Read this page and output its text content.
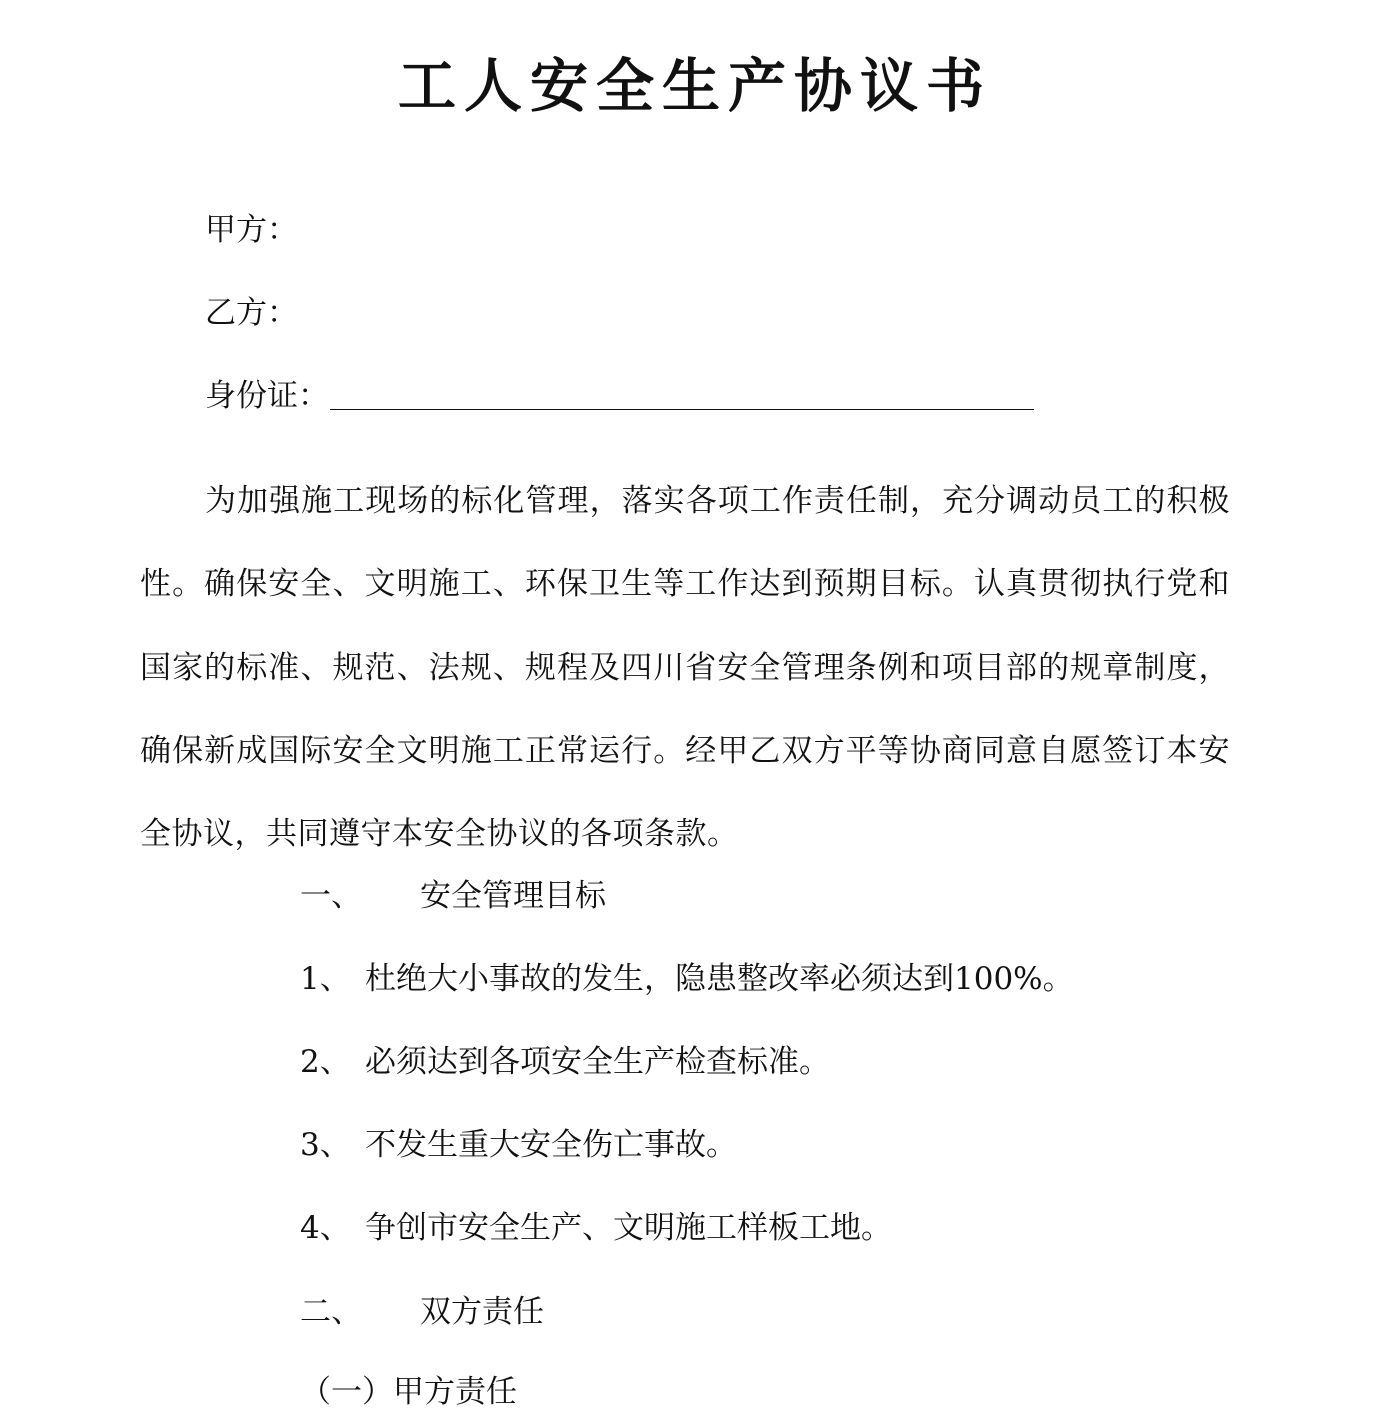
工人安全生产协议书
甲方：
乙方：
身份证：
为加强施工现场的标化管理，落实各项工作责任制，充分调动员工的积极性。确保安全、文明施工、环保卫生等工作达到预期目标。认真贯彻执行党和国家的标准、规范、法规、规程及四川省安全管理条例和项目部的规章制度，确保新成国际安全文明施工正常运行。经甲乙双方平等协商同意自愿签订本安全协议，共同遵守本安全协议的各项条款。
一、 安全管理目标
1、 杜绝大小事故的发生，隐患整改率必须达到100%。
2、 必须达到各项安全生产检查标准。
3、 不发生重大安全伤亡事故。
4、 争创市安全生产、文明施工样板工地。
二、 双方责任
（一）甲方责任
